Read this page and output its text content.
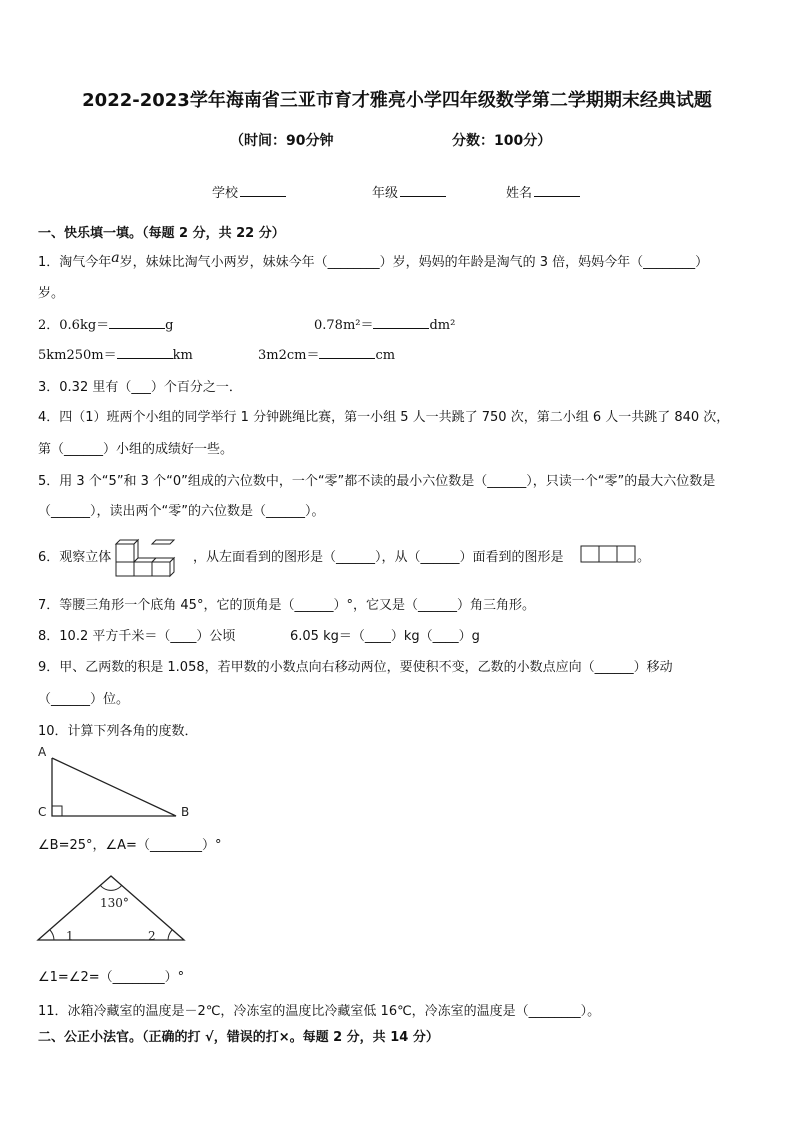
2022-2023学年海南省三亚市育才雅亮小学四年级数学第二学期期末经典试题
（时间：90分钟	分数：100分）
学校	年级	姓名
一、快乐填一填。（每题 2 分，共 22 分）
1．淘气今年a岁，妹妹比淘气小两岁，妹妹今年（________）岁，妈妈的年龄是淘气的 3 倍，妈妈今年（________）
岁。
2．0.6kg＝	g	0.78m²＝	dm²
5km250m＝	km	3m2cm＝	cm
3．0.32 里有（___）个百分之一．
4．四（1）班两个小组的同学举行 1 分钟跳绳比赛，第一小组 5 人一共跳了 750 次，第二小组 6 人一共跳了 840 次，
第（______）小组的成绩好一些。
5．用 3 个“5”和 3 个“0”组成的六位数中，一个“零”都不读的最小六位数是（______），只读一个“零”的最大六位数是
（______），读出两个“零”的六位数是（______）。
6．观察立体	，从左面看到的图形是（______），从（______）面看到的图形是	。
7．等腰三角形一个底角 45°，它的顶角是（______）°，它又是（______）角三角形。
8．10.2 平方千米＝（____）公顷	6.05 kg＝（____）kg（____）g
9．甲、乙两数的积是 1.058，若甲数的小数点向右移动两位，要使积不变，乙数的小数点应向（______）移动
（______）位。
10．计算下列各角的度数．
A
C	B
∠B=25°，∠A=（________）°
130°
1	2
∠1=∠2=（________）°
11．冰箱冷藏室的温度是－2℃，冷冻室的温度比冷藏室低 16℃，冷冻室的温度是（________）。
二、公正小法官。（正确的打 √，错误的打×。每题 2 分，共 14 分）
